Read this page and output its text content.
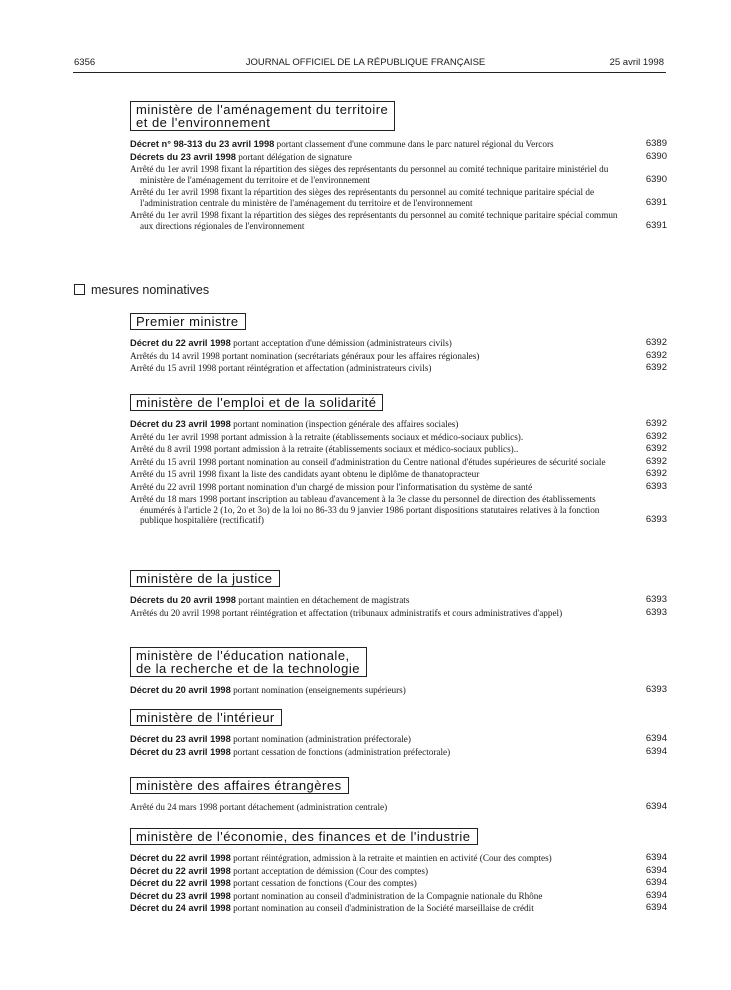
6356	JOURNAL OFFICIEL DE LA RÉPUBLIQUE FRANÇAISE	25 avril 1998
mesures nominatives
ministère de l'aménagement du territoire
et de l'environnement
Décret n° 98-313 du 23 avril 1998 portant classement d'une commune dans le parc naturel régional du Vercors .....	6389
Décrets du 23 avril 1998 portant délégation de signature .....	6390
Arrêté du 1er avril 1998 fixant la répartition des sièges des représentants du personnel au comité technique paritaire ministériel du ministère de l'aménagement du territoire et de l'environnement .....	6390
Arrêté du 1er avril 1998 fixant la répartition des sièges des représentants du personnel au comité technique paritaire spécial de l'administration centrale du ministère de l'aménagement du territoire et de l'environnement .....	6391
Arrêté du 1er avril 1998 fixant la répartition des sièges des représentants du personnel au comité technique paritaire spécial commun aux directions régionales de l'environnement .....	6391
Premier ministre
Décret du 22 avril 1998 portant acceptation d'une démission (administrateurs civils) .....	6392
Arrêtés du 14 avril 1998 portant nomination (secrétariats généraux pour les affaires régionales) .....	6392
Arrêté du 15 avril 1998 portant réintégration et affectation (administrateurs civils) .....	6392
ministère de l'emploi et de la solidarité
Décret du 23 avril 1998 portant nomination (inspection générale des affaires sociales) .....	6392
Arrêté du 1er avril 1998 portant admission à la retraite (établissements sociaux et médico-sociaux publics). .....	6392
Arrêté du 8 avril 1998 portant admission à la retraite (établissements sociaux et médico-sociaux publics).. .....	6392
Arrêté du 15 avril 1998 portant nomination au conseil d'administration du Centre national d'études supérieures de sécurité sociale .....	6392
Arrêté du 15 avril 1998 fixant la liste des candidats ayant obtenu le diplôme de thanatopracteur .....	6392
Arrêté du 22 avril 1998 portant nomination d'un chargé de mission pour l'informatisation du système de santé .....	6393
Arrêté du 18 mars 1998 portant inscription au tableau d'avancement à la 3e classe du personnel de direction des établissements énumérés à l'article 2 (1o, 2o et 3o) de la loi no 86-33 du 9 janvier 1986 portant dispositions statutaires relatives à la fonction publique hospitalière (rectificatif) .....	6393
ministère de la justice
Décrets du 20 avril 1998 portant maintien en détachement de magistrats .....	6393
Arrêtés du 20 avril 1998 portant réintégration et affectation (tribunaux administratifs et cours administratives d'appel) .....	6393
ministère de l'éducation nationale,
de la recherche et de la technologie
Décret du 20 avril 1998 portant nomination (enseignements supérieurs) .....	6393
ministère de l'intérieur
Décret du 23 avril 1998 portant nomination (administration préfectorale) .....	6394
Décret du 23 avril 1998 portant cessation de fonctions (administration préfectorale) .....	6394
ministère des affaires étrangères
Arrêté du 24 mars 1998 portant détachement (administration centrale) .....	6394
ministère de l'économie, des finances et de l'industrie
Décret du 22 avril 1998 portant réintégration, admission à la retraite et maintien en activité (Cour des comptes) .....	6394
Décret du 22 avril 1998 portant acceptation de démission (Cour des comptes) .....	6394
Décret du 22 avril 1998 portant cessation de fonctions (Cour des comptes) .....	6394
Décret du 23 avril 1998 portant nomination au conseil d'administration de la Compagnie nationale du Rhône .....	6394
Décret du 24 avril 1998 portant nomination au conseil d'administration de la Société marseillaise de crédit .....	6394
